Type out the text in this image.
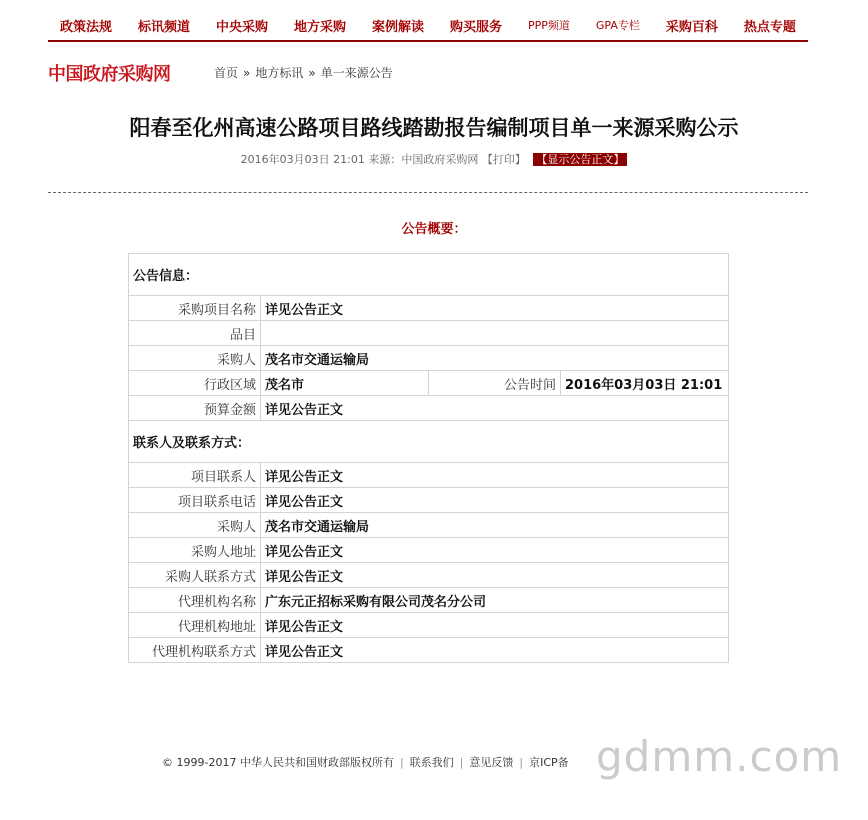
政策法规 标讯频道 中央采购 地方采购 案例解读 购买服务 PPP频道 GPA专栏 采购百科 热点专题
中国政府采购网	首页 » 地方标讯 » 单一来源公告
阳春至化州高速公路项目路线踏勘报告编制项目单一来源采购公示
2016年03月03日 21:01 来源：中国政府采购网 【打印】 【显示公告正文】
公告概要：
公告信息：			
采购项目名称	详见公告正文		
品目			
采购人	茂名市交通运输局		
行政区域	茂名市	公告时间	2016年03月03日 21:01
预算金额	详见公告正文		
联系人及联系方式：			
项目联系人	详见公告正文		
项目联系电话	详见公告正文		
采购人	茂名市交通运输局		
采购人地址	详见公告正文		
采购人联系方式	详见公告正文		
代理机构名称	广东元正招标采购有限公司茂名分公司		
代理机构地址	详见公告正文		
代理机构联系方式	详见公告正文		
© 1999-2017 中华人民共和国财政部版权所有 | 联系我们 | 意见反馈 | 京ICP备 gdmm.com
